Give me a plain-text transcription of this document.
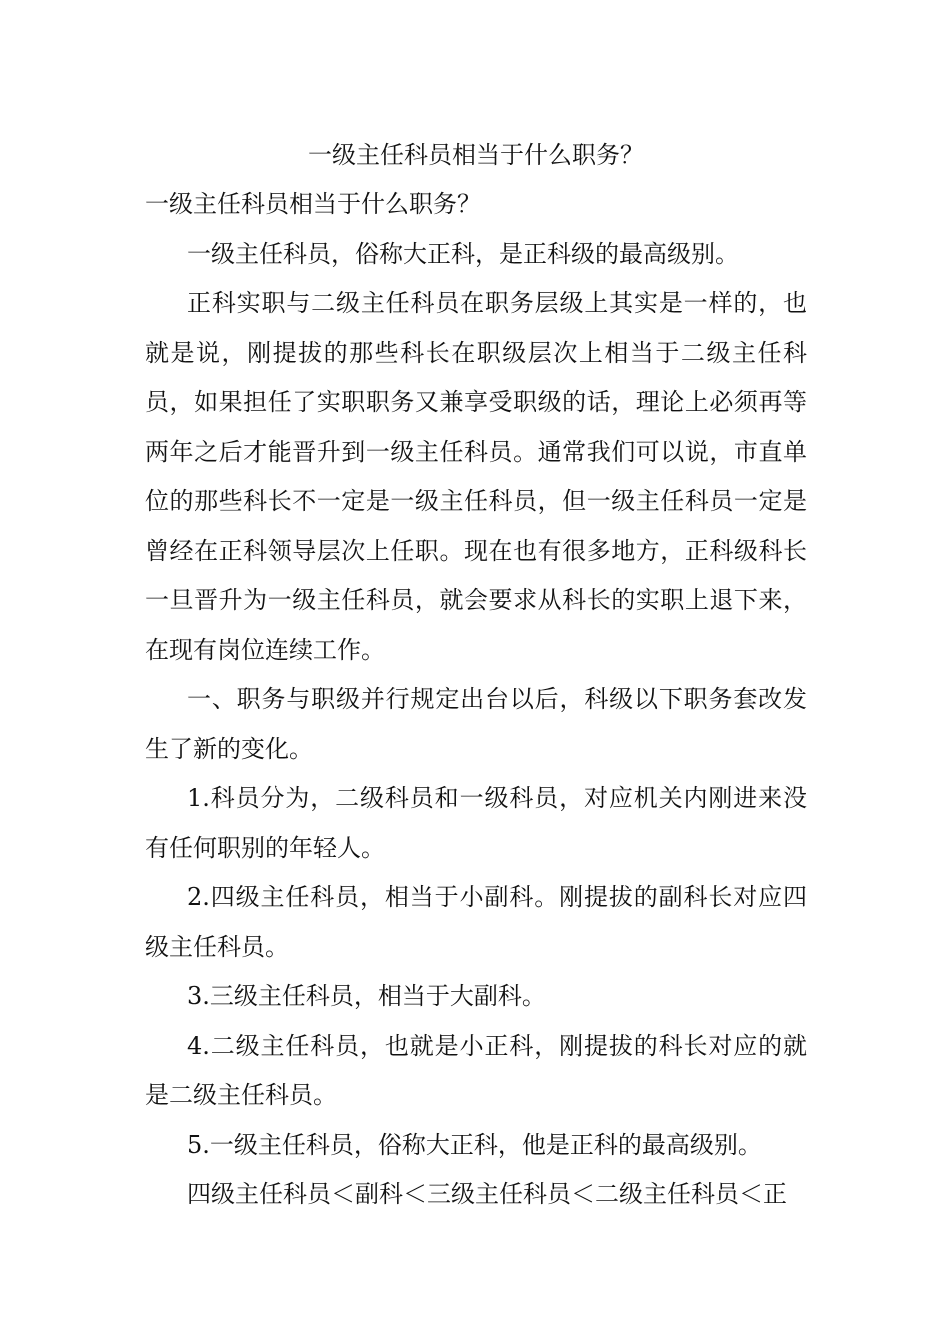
一级主任科员相当于什么职务？

一级主任科员相当于什么职务？

一级主任科员，俗称大正科，是正科级的最高级别。

正科实职与二级主任科员在职务层级上其实是一样的，也就是说，刚提拔的那些科长在职级层次上相当于二级主任科员，如果担任了实职职务又兼享受职级的话，理论上必须再等两年之后才能晋升到一级主任科员。通常我们可以说，市直单位的那些科长不一定是一级主任科员，但一级主任科员一定是曾经在正科领导层次上任职。现在也有很多地方，正科级科长一旦晋升为一级主任科员，就会要求从科长的实职上退下来，在现有岗位连续工作。

一、职务与职级并行规定出台以后，科级以下职务套改发生了新的变化。

1.科员分为，二级科员和一级科员，对应机关内刚进来没有任何职别的年轻人。

2.四级主任科员，相当于小副科。刚提拔的副科长对应四级主任科员。

3.三级主任科员，相当于大副科。

4.二级主任科员，也就是小正科，刚提拔的科长对应的就是二级主任科员。

5.一级主任科员，俗称大正科，他是正科的最高级别。

四级主任科员＜副科＜三级主任科员＜二级主任科员＜正
